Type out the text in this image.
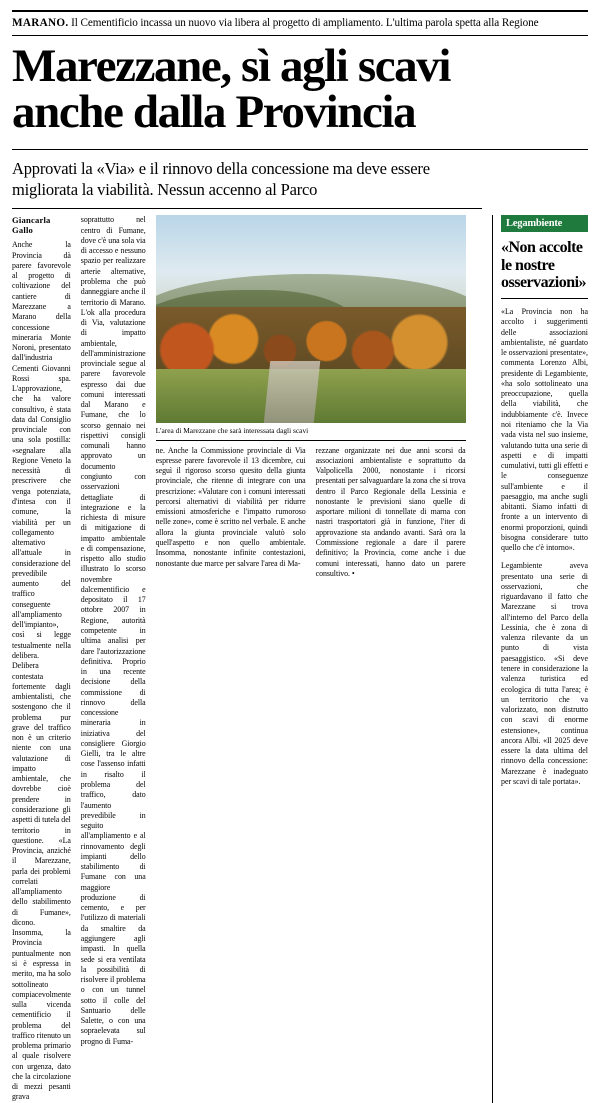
MARANO. Il Cementificio incassa un nuovo via libera al progetto di ampliamento. L'ultima parola spetta alla Regione
Marezzane, sì agli scavi
anche dalla Provincia
Approvati la «Via» e il rinnovo della concessione ma deve essere migliorata la viabilità. Nessun accenno al Parco
Giancarla Gallo

Anche la Provincia dà parere favorevole al progetto di coltivazione del cantiere di Marezzane a Marano della concessione mineraria Monte Noroni, presentato dall'industria Cementi Giovanni Rossi spa. L'approvazione, che ha valore consultivo, è stata data dal Consiglio provinciale con una sola postilla: «segnalare alla Regione Veneto la necessità di prescrivere che venga potenziata, d'intesa con il comune, la viabilità per un collegamento alternativo all'attuale in considerazione del prevedibile aumento del traffico conseguente all'ampliamento dell'impianto», così si legge testualmente nella delibera.

Delibera contestata fortemente dagli ambientalisti, che sostengono che il problema pur grave del traffico non è un criterio niente con una valutazione di impatto ambientale, che dovrebbe cioè prendere in considerazione gli aspetti di tutela del territorio in questione. «La Provincia, anziché il Marezzane, parla dei problemi correlati all'ampliamento dello stabilimento di Fumane», dicono.

Insomma, la Provincia puntualmente non si è espressa in merito, ma ha solo sottolineato compiacevolmente sulla vicenda cementificio il problema del traffico ritenuto un problema primario al quale risolvere con urgenza, dato che la circolazione di mezzi pesanti grava

soprattutto nel centro di Fumane, dove c'è una sola via di accesso e nessuno spazio per realizzare arterie alternative, problema che può danneggiare anche il territorio di Marano. L'ok alla procedura di Via, valutazione di impatto ambientale, dell'amministrazione provinciale segue al parere favorevole espresso dai due comuni interessati dal Marano e Fumane, che lo scorso gennaio nei rispettivi consigli comunali hanno approvato un documento congiunto con osservazioni dettagliate di integrazione e la richiesta di misure di mitigazione di impatto ambientale e di compensazione, rispetto allo studio illustrato lo scorso novembre dalcementificio e depositato il 17 ottobre 2007 in Regione, autorità competente in ultima analisi per dare l'autorizzazione definitiva. Proprio in una recente decisione della commissione di rinnovo della concessione mineraria in iniziativa del consigliere Giorgio Gielli, tra le altre cose l'assenso infatti in risalto il problema del traffico, dato l'aumento prevedibile in seguito all'ampliamento e al rinnovamento degli impianti dello stabilimento di Fumane con una maggiore produzione di cemento, e per l'utilizzo di materiali da smaltire da aggiungere agli impasti. In quella sede si era ventilata la possibilità di risolvere il problema o con un tunnel sotto il colle del Santuario delle Salette, o con una sopraelevata sul progno di Fuma-

L'area di Marezzane che sarà interessata dagli scavi

ne. Anche la Commissione provinciale di Via espresse parere favorevole il 13 dicembre, cui seguì il rigoroso scorso quesito della giunta provinciale, che ritenne di integrare con una prescrizione: «Valutare con i comuni interessati percorsi alternativi di viabilità per ridurre emissioni atmosferiche e l'impatto rumoroso nelle zone», come è scritto nel verbale. E anche allora la giunta provinciale valutò solo quell'aspetto e non quello ambientale. Insomma, nonostante infinite contestazioni, nonostante due marce per salvare l'area di Ma-

rezzane organizzate nei due anni scorsi da associazioni ambientaliste e soprattutto da Valpolicella 2000, nonostante i ricorsi presentati per salvaguardare la zona che si trova dentro il Parco Regionale della Lessinia e nonostante le previsioni siano quelle di asportare milioni di tonnellate di marna con nastri trasportatori già in funzione, l'iter di approvazione sta andando avanti. Sarà ora la Commissione regionale a dare il parere definitivo; la Provincia, come anche i due comuni interessati, hanno dato un parere consultivo. •

Legambiente
«Non accolte le nostre osservazioni»

«La Provincia non ha accolto i suggerimenti delle associazioni ambientaliste, né guardato le osservazioni presentate», commenta Lorenzo Albi, presidente di Legambiente, «ha solo sottolineato una preoccupazione, quella della viabilità, che indubbiamente c'è. Invece noi riteniamo che la Via vada vista nel suo insieme, valutando tutta una serie di aspetti e di impatti cumulativi, tutti gli effetti e le conseguenze sull'ambiente e il paesaggio, ma anche sugli abitanti. Siamo infatti di fronte a un intervento di enormi proporzioni, quindi bisogna considerare tutto quello che c'è intorno».

Legambiente aveva presentato una serie di osservazioni, che riguardavano il fatto che Marezzane si trova all'interno del Parco della Lessinia, che è zona di valenza rilevante da un punto di vista paesaggistico. «Si deve tenere in considerazione la valenza turistica ed ecologica di tutta l'area; è un territorio che va valorizzato, non distrutto con scavi di enorme estensione», continua ancora Albi. «Il 2025 deve essere la data ultima del rinnovo della concessione: Marezzane è inadeguato per scavi di tale portata».
